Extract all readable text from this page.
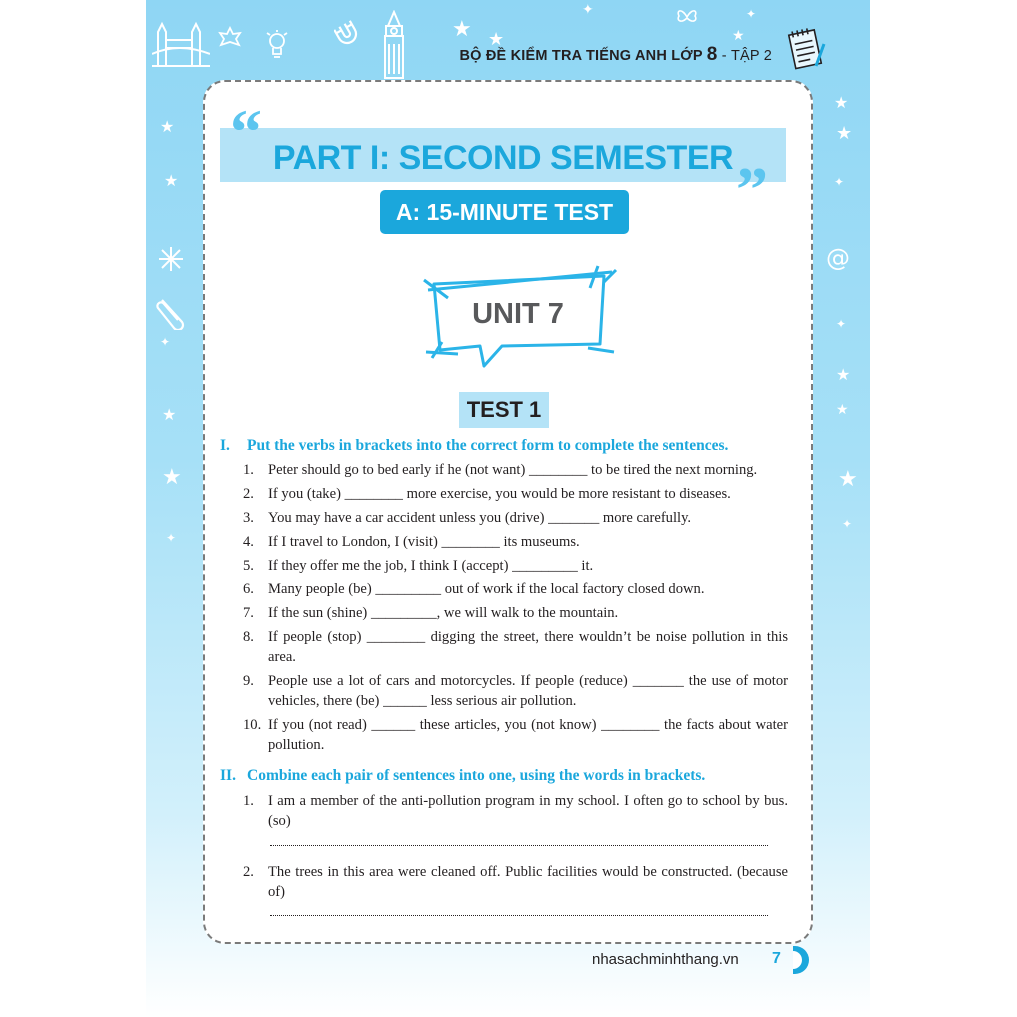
★ ★
✦
★
✦
★
★
✦
★
★
✦
★
★
✦
@
✦
★
★
★
✦
BỘ ĐỀ KIỂM TRA TIẾNG ANH LỚP 8 - TẬP 2
“
”
PART I: SECOND SEMESTER
A: 15-MINUTE TEST
UNIT 7
TEST 1
I. Put the verbs in brackets into the correct form to complete the sentences.
1. Peter should go to bed early if he (not want) ________ to be tired the next morning.
2. If you (take) ________ more exercise, you would be more resistant to diseases.
3. You may have a car accident unless you (drive) _______ more carefully.
4. If I travel to London, I (visit) ________ its museums.
5. If they offer me the job, I think I (accept) _________ it.
6. Many people (be) _________ out of work if the local factory closed down.
7. If the sun (shine) _________, we will walk to the mountain.
8. If people (stop) ________ digging the street, there wouldn’t be noise pollution in this area.
9. People use a lot of cars and motorcycles. If people (reduce) _______ the use of motor vehicles, there (be) ______ less serious air pollution.
10. If you (not read) ______ these articles, you (not know) ________ the facts about water pollution.
II. Combine each pair of sentences into one, using the words in brackets.
1. I am a member of the anti-pollution program in my school. I often go to school by bus. (so)
2. The trees in this area were cleaned off. Public facilities would be constructed. (because of)
nhasachminhthang.vn 7
